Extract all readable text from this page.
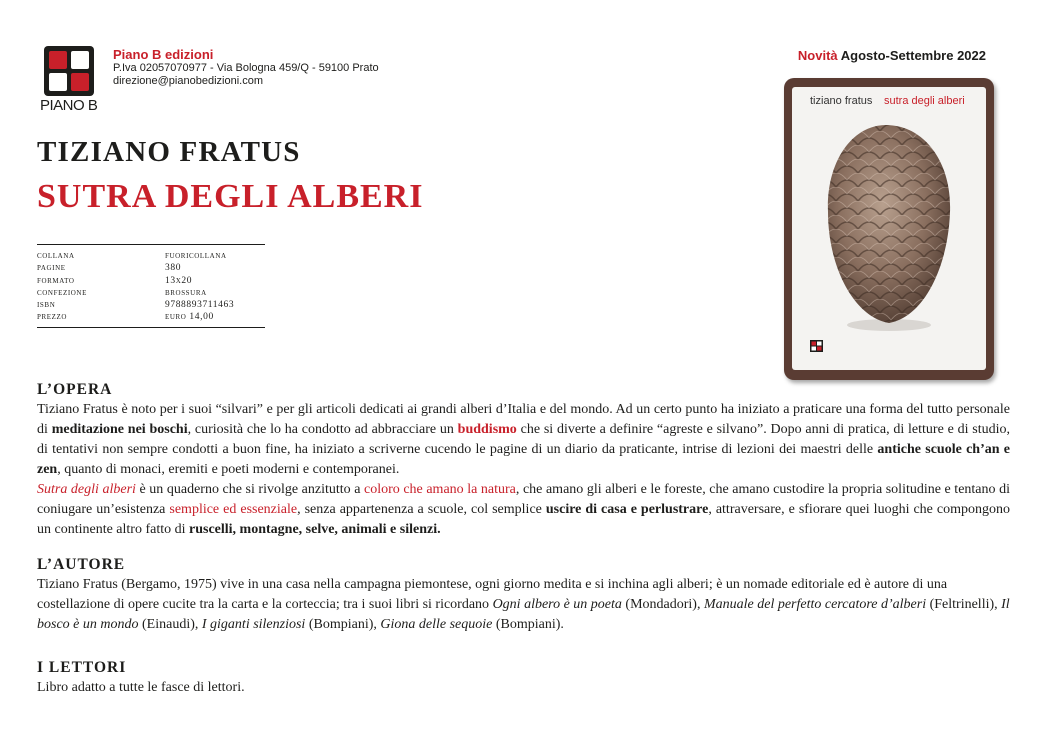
PIANO B
Piano B edizioni
P.Iva 02057070977 - Via Bologna 459/Q - 59100 Prato
direzione@pianobedizioni.com
Novità Agosto-Settembre 2022
TIZIANO FRATUS
SUTRA DEGLI ALBERI
collana	fuoricollana
pagine	380
formato	13x20
confezione	brossura
isbn	9788893711463
prezzo	euro 14,00
tiziano fratus sutra degli alberi
L’OPERA

Tiziano Fratus è noto per i suoi “silvari” e per gli articoli dedicati ai grandi alberi d’Italia e del mondo. Ad un certo punto ha iniziato a praticare una forma del tutto personale di meditazione nei boschi, curiosità che lo ha condotto ad abbracciare un buddismo che si diverte a definire “agreste e silvano”. Dopo anni di pratica, di letture e di studio, di tentativi non sempre condotti a buon fine, ha iniziato a scriverne cucendo le pagine di un diario da praticante, intrise di lezioni dei maestri delle antiche scuole ch’an e zen, quanto di monaci, eremiti e poeti moderni e contemporanei.

Sutra degli alberi è un quaderno che si rivolge anzitutto a coloro che amano la natura, che amano gli alberi e le foreste, che amano custodire la propria solitudine e tentano di coniugare un’esistenza semplice ed essenziale, senza appartenenza a scuole, col semplice uscire di casa e perlustrare, attraversare, e sfiorare quei luoghi che compongono un continente altro fatto di ruscelli, montagne, selve, animali e silenzi.

L’AUTORE

Tiziano Fratus (Bergamo, 1975) vive in una casa nella campagna piemontese, ogni giorno medita e si inchina agli alberi; è un nomade editoriale ed è autore di una costellazione di opere cucite tra la carta e la corteccia; tra i suoi libri si ricordano Ogni albero è un poeta (Mondadori), Manuale del perfetto cercatore d’alberi (Feltrinelli), Il bosco è un mondo (Einaudi), I giganti silenziosi (Bompiani), Giona delle sequoie (Bompiani).

I LETTORI

Libro adatto a tutte le fasce di lettori.
